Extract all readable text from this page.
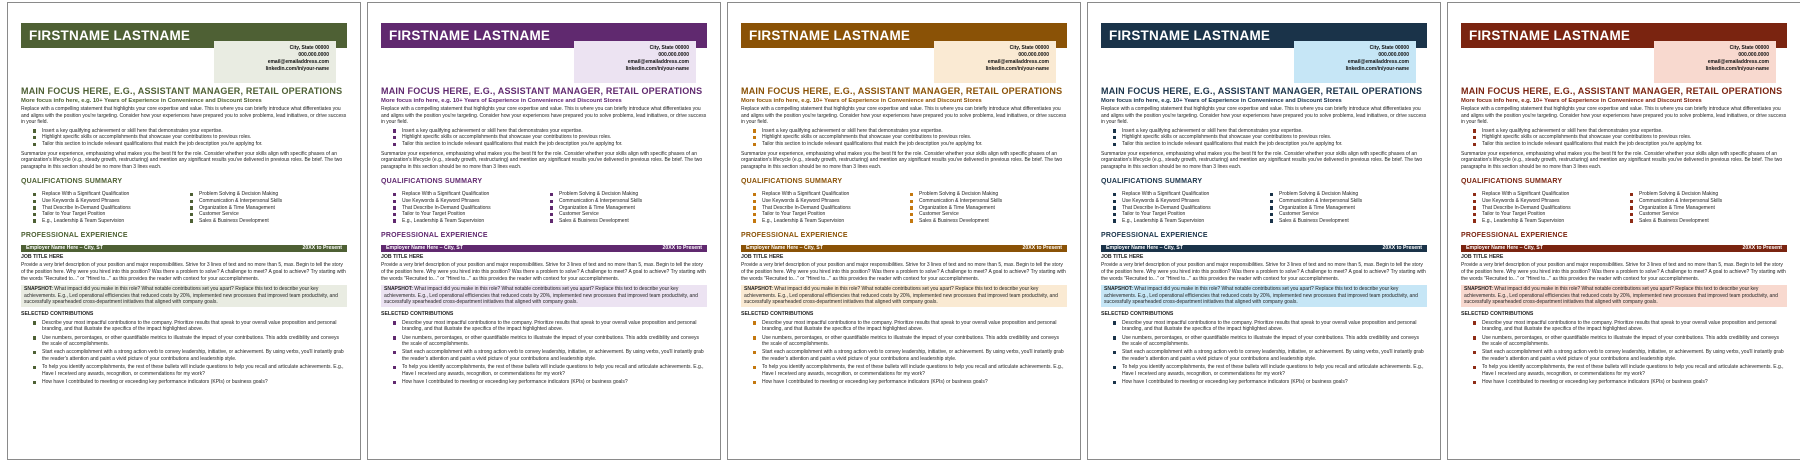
FIRSTNAME LASTNAME
City, State 00000
000.000.0000
email@emailaddress.com
linkedin.com/in/your-name
MAIN FOCUS HERE, E.G., ASSISTANT MANAGER, RETAIL OPERATIONS
More focus info here, e.g. 10+ Years of Experience in Convenience and Discount Stores

Replace with a compelling statement that highlights your core expertise and value. This is where you can briefly introduce what differentiates you and aligns with the position you're targeting. Consider how your experiences have prepared you to solve problems, lead initiatives, or drive success in your field.

Insert a key qualifying achievement or skill here that demonstrates your expertise.
Highlight specific skills or accomplishments that showcase your contributions to previous roles.
Tailor this section to include relevant qualifications that match the job description you're applying for.

Summarize your experience, emphasizing what makes you the best fit for the role. Consider whether your skills align with specific phases of an organization's lifecycle (e.g., steady growth, restructuring) and mention any significant results you've delivered in previous roles. Be brief. The two paragraphs in this section should be no more than 3 lines each.

QUALIFICATIONS SUMMARY
Replace With a Significant Qualification
Use Keywords & Keyword Phrases
That Describe In-Demand Qualifications
Tailor to Your Target Position
E.g., Leadership & Team Supervision
Problem Solving & Decision Making
Communication & Interpersonal Skills
Organization & Time Management
Customer Service
Sales & Business Development
PROFESSIONAL EXPERIENCE
Employer Name Here – City, ST	20XX to Present
JOB TITLE HERE

Provide a very brief description of your position and major responsibilities. Strive for 3 lines of text and no more than 5, max. Begin to tell the story of the position here. Why were you hired into this position? Was there a problem to solve? A challenge to meet? A goal to achieve? Try starting with the words "Recruited to..." or "Hired to..." as this provides the reader with context for your accomplishments.

SNAPSHOT: What impact did you make in this role? What notable contributions set you apart? Replace this text to describe your key achievements. E.g., Led operational efficiencies that reduced costs by 20%, implemented new processes that improved team productivity, and successfully spearheaded cross-department initiatives that aligned with company goals.
SELECTED CONTRIBUTIONS
Describe your most impactful contributions to the company. Prioritize results that speak to your overall value proposition and personal branding, and that illustrate the specifics of the impact highlighted above.
Use numbers, percentages, or other quantifiable metrics to illustrate the impact of your contributions. This adds credibility and conveys the scale of accomplishments.
Start each accomplishment with a strong action verb to convey leadership, initiative, or achievement. By using verbs, you'll instantly grab the reader's attention and paint a vivid picture of your contributions and leadership style.
To help you identify accomplishments, the rest of these bullets will include questions to help you recall and articulate achievements. E.g., Have I received any awards, recognition, or commendations for my work?
How have I contributed to meeting or exceeding key performance indicators (KPIs) or business goals?
FIRSTNAME LASTNAME
City, State 00000
000.000.0000
email@emailaddress.com
linkedin.com/in/your-name
MAIN FOCUS HERE, E.G., ASSISTANT MANAGER, RETAIL OPERATIONS
More focus info here, e.g. 10+ Years of Experience in Convenience and Discount Stores

Replace with a compelling statement that highlights your core expertise and value. This is where you can briefly introduce what differentiates you and aligns with the position you're targeting. Consider how your experiences have prepared you to solve problems, lead initiatives, or drive success in your field.

Insert a key qualifying achievement or skill here that demonstrates your expertise.
Highlight specific skills or accomplishments that showcase your contributions to previous roles.
Tailor this section to include relevant qualifications that match the job description you're applying for.

Summarize your experience, emphasizing what makes you the best fit for the role. Consider whether your skills align with specific phases of an organization's lifecycle (e.g., steady growth, restructuring) and mention any significant results you've delivered in previous roles. Be brief. The two paragraphs in this section should be no more than 3 lines each.

QUALIFICATIONS SUMMARY
Replace With a Significant Qualification
Use Keywords & Keyword Phrases
That Describe In-Demand Qualifications
Tailor to Your Target Position
E.g., Leadership & Team Supervision
Problem Solving & Decision Making
Communication & Interpersonal Skills
Organization & Time Management
Customer Service
Sales & Business Development
PROFESSIONAL EXPERIENCE
Employer Name Here – City, ST	20XX to Present
JOB TITLE HERE

Provide a very brief description of your position and major responsibilities. Strive for 3 lines of text and no more than 5, max. Begin to tell the story of the position here. Why were you hired into this position? Was there a problem to solve? A challenge to meet? A goal to achieve? Try starting with the words "Recruited to..." or "Hired to..." as this provides the reader with context for your accomplishments.

SNAPSHOT: What impact did you make in this role? What notable contributions set you apart? Replace this text to describe your key achievements. E.g., Led operational efficiencies that reduced costs by 20%, implemented new processes that improved team productivity, and successfully spearheaded cross-department initiatives that aligned with company goals.
SELECTED CONTRIBUTIONS
Describe your most impactful contributions to the company. Prioritize results that speak to your overall value proposition and personal branding, and that illustrate the specifics of the impact highlighted above.
Use numbers, percentages, or other quantifiable metrics to illustrate the impact of your contributions. This adds credibility and conveys the scale of accomplishments.
Start each accomplishment with a strong action verb to convey leadership, initiative, or achievement. By using verbs, you'll instantly grab the reader's attention and paint a vivid picture of your contributions and leadership style.
To help you identify accomplishments, the rest of these bullets will include questions to help you recall and articulate achievements. E.g., Have I received any awards, recognition, or commendations for my work?
How have I contributed to meeting or exceeding key performance indicators (KPIs) or business goals?
FIRSTNAME LASTNAME
City, State 00000
000.000.0000
email@emailaddress.com
linkedin.com/in/your-name
MAIN FOCUS HERE, E.G., ASSISTANT MANAGER, RETAIL OPERATIONS
More focus info here, e.g. 10+ Years of Experience in Convenience and Discount Stores

Replace with a compelling statement that highlights your core expertise and value. This is where you can briefly introduce what differentiates you and aligns with the position you're targeting. Consider how your experiences have prepared you to solve problems, lead initiatives, or drive success in your field.

Insert a key qualifying achievement or skill here that demonstrates your expertise.
Highlight specific skills or accomplishments that showcase your contributions to previous roles.
Tailor this section to include relevant qualifications that match the job description you're applying for.

Summarize your experience, emphasizing what makes you the best fit for the role. Consider whether your skills align with specific phases of an organization's lifecycle (e.g., steady growth, restructuring) and mention any significant results you've delivered in previous roles. Be brief. The two paragraphs in this section should be no more than 3 lines each.

QUALIFICATIONS SUMMARY
Replace With a Significant Qualification
Use Keywords & Keyword Phrases
That Describe In-Demand Qualifications
Tailor to Your Target Position
E.g., Leadership & Team Supervision
Problem Solving & Decision Making
Communication & Interpersonal Skills
Organization & Time Management
Customer Service
Sales & Business Development
PROFESSIONAL EXPERIENCE
Employer Name Here – City, ST	20XX to Present
JOB TITLE HERE

Provide a very brief description of your position and major responsibilities. Strive for 3 lines of text and no more than 5, max. Begin to tell the story of the position here. Why were you hired into this position? Was there a problem to solve? A challenge to meet? A goal to achieve? Try starting with the words "Recruited to..." or "Hired to..." as this provides the reader with context for your accomplishments.

SNAPSHOT: What impact did you make in this role? What notable contributions set you apart? Replace this text to describe your key achievements. E.g., Led operational efficiencies that reduced costs by 20%, implemented new processes that improved team productivity, and successfully spearheaded cross-department initiatives that aligned with company goals.
SELECTED CONTRIBUTIONS
Describe your most impactful contributions to the company. Prioritize results that speak to your overall value proposition and personal branding, and that illustrate the specifics of the impact highlighted above.
Use numbers, percentages, or other quantifiable metrics to illustrate the impact of your contributions. This adds credibility and conveys the scale of accomplishments.
Start each accomplishment with a strong action verb to convey leadership, initiative, or achievement. By using verbs, you'll instantly grab the reader's attention and paint a vivid picture of your contributions and leadership style.
To help you identify accomplishments, the rest of these bullets will include questions to help you recall and articulate achievements. E.g., Have I received any awards, recognition, or commendations for my work?
How have I contributed to meeting or exceeding key performance indicators (KPIs) or business goals?
FIRSTNAME LASTNAME
City, State 00000
000.000.0000
email@emailaddress.com
linkedin.com/in/your-name
MAIN FOCUS HERE, E.G., ASSISTANT MANAGER, RETAIL OPERATIONS
More focus info here, e.g. 10+ Years of Experience in Convenience and Discount Stores

Replace with a compelling statement that highlights your core expertise and value. This is where you can briefly introduce what differentiates you and aligns with the position you're targeting. Consider how your experiences have prepared you to solve problems, lead initiatives, or drive success in your field.

Insert a key qualifying achievement or skill here that demonstrates your expertise.
Highlight specific skills or accomplishments that showcase your contributions to previous roles.
Tailor this section to include relevant qualifications that match the job description you're applying for.

Summarize your experience, emphasizing what makes you the best fit for the role. Consider whether your skills align with specific phases of an organization's lifecycle (e.g., steady growth, restructuring) and mention any significant results you've delivered in previous roles. Be brief. The two paragraphs in this section should be no more than 3 lines each.

QUALIFICATIONS SUMMARY
Replace With a Significant Qualification
Use Keywords & Keyword Phrases
That Describe In-Demand Qualifications
Tailor to Your Target Position
E.g., Leadership & Team Supervision
Problem Solving & Decision Making
Communication & Interpersonal Skills
Organization & Time Management
Customer Service
Sales & Business Development
PROFESSIONAL EXPERIENCE
Employer Name Here – City, ST	20XX to Present
JOB TITLE HERE

Provide a very brief description of your position and major responsibilities. Strive for 3 lines of text and no more than 5, max. Begin to tell the story of the position here. Why were you hired into this position? Was there a problem to solve? A challenge to meet? A goal to achieve? Try starting with the words "Recruited to..." or "Hired to..." as this provides the reader with context for your accomplishments.

SNAPSHOT: What impact did you make in this role? What notable contributions set you apart? Replace this text to describe your key achievements. E.g., Led operational efficiencies that reduced costs by 20%, implemented new processes that improved team productivity, and successfully spearheaded cross-department initiatives that aligned with company goals.
SELECTED CONTRIBUTIONS
Describe your most impactful contributions to the company. Prioritize results that speak to your overall value proposition and personal branding, and that illustrate the specifics of the impact highlighted above.
Use numbers, percentages, or other quantifiable metrics to illustrate the impact of your contributions. This adds credibility and conveys the scale of accomplishments.
Start each accomplishment with a strong action verb to convey leadership, initiative, or achievement. By using verbs, you'll instantly grab the reader's attention and paint a vivid picture of your contributions and leadership style.
To help you identify accomplishments, the rest of these bullets will include questions to help you recall and articulate achievements. E.g., Have I received any awards, recognition, or commendations for my work?
How have I contributed to meeting or exceeding key performance indicators (KPIs) or business goals?
FIRSTNAME LASTNAME
City, State 00000
000.000.0000
email@emailaddress.com
linkedin.com/in/your-name
MAIN FOCUS HERE, E.G., ASSISTANT MANAGER, RETAIL OPERATIONS
More focus info here, e.g. 10+ Years of Experience in Convenience and Discount Stores

Replace with a compelling statement that highlights your core expertise and value. This is where you can briefly introduce what differentiates you and aligns with the position you're targeting. Consider how your experiences have prepared you to solve problems, lead initiatives, or drive success in your field.

Insert a key qualifying achievement or skill here that demonstrates your expertise.
Highlight specific skills or accomplishments that showcase your contributions to previous roles.
Tailor this section to include relevant qualifications that match the job description you're applying for.

Summarize your experience, emphasizing what makes you the best fit for the role. Consider whether your skills align with specific phases of an organization's lifecycle (e.g., steady growth, restructuring) and mention any significant results you've delivered in previous roles. Be brief. The two paragraphs in this section should be no more than 3 lines each.

QUALIFICATIONS SUMMARY
Replace With a Significant Qualification
Use Keywords & Keyword Phrases
That Describe In-Demand Qualifications
Tailor to Your Target Position
E.g., Leadership & Team Supervision
Problem Solving & Decision Making
Communication & Interpersonal Skills
Organization & Time Management
Customer Service
Sales & Business Development
PROFESSIONAL EXPERIENCE
Employer Name Here – City, ST	20XX to Present
JOB TITLE HERE

Provide a very brief description of your position and major responsibilities. Strive for 3 lines of text and no more than 5, max. Begin to tell the story of the position here. Why were you hired into this position? Was there a problem to solve? A challenge to meet? A goal to achieve? Try starting with the words "Recruited to..." or "Hired to..." as this provides the reader with context for your accomplishments.

SNAPSHOT: What impact did you make in this role? What notable contributions set you apart? Replace this text to describe your key achievements. E.g., Led operational efficiencies that reduced costs by 20%, implemented new processes that improved team productivity, and successfully spearheaded cross-department initiatives that aligned with company goals.
SELECTED CONTRIBUTIONS
Describe your most impactful contributions to the company. Prioritize results that speak to your overall value proposition and personal branding, and that illustrate the specifics of the impact highlighted above.
Use numbers, percentages, or other quantifiable metrics to illustrate the impact of your contributions. This adds credibility and conveys the scale of accomplishments.
Start each accomplishment with a strong action verb to convey leadership, initiative, or achievement. By using verbs, you'll instantly grab the reader's attention and paint a vivid picture of your contributions and leadership style.
To help you identify accomplishments, the rest of these bullets will include questions to help you recall and articulate achievements. E.g., Have I received any awards, recognition, or commendations for my work?
How have I contributed to meeting or exceeding key performance indicators (KPIs) or business goals?
